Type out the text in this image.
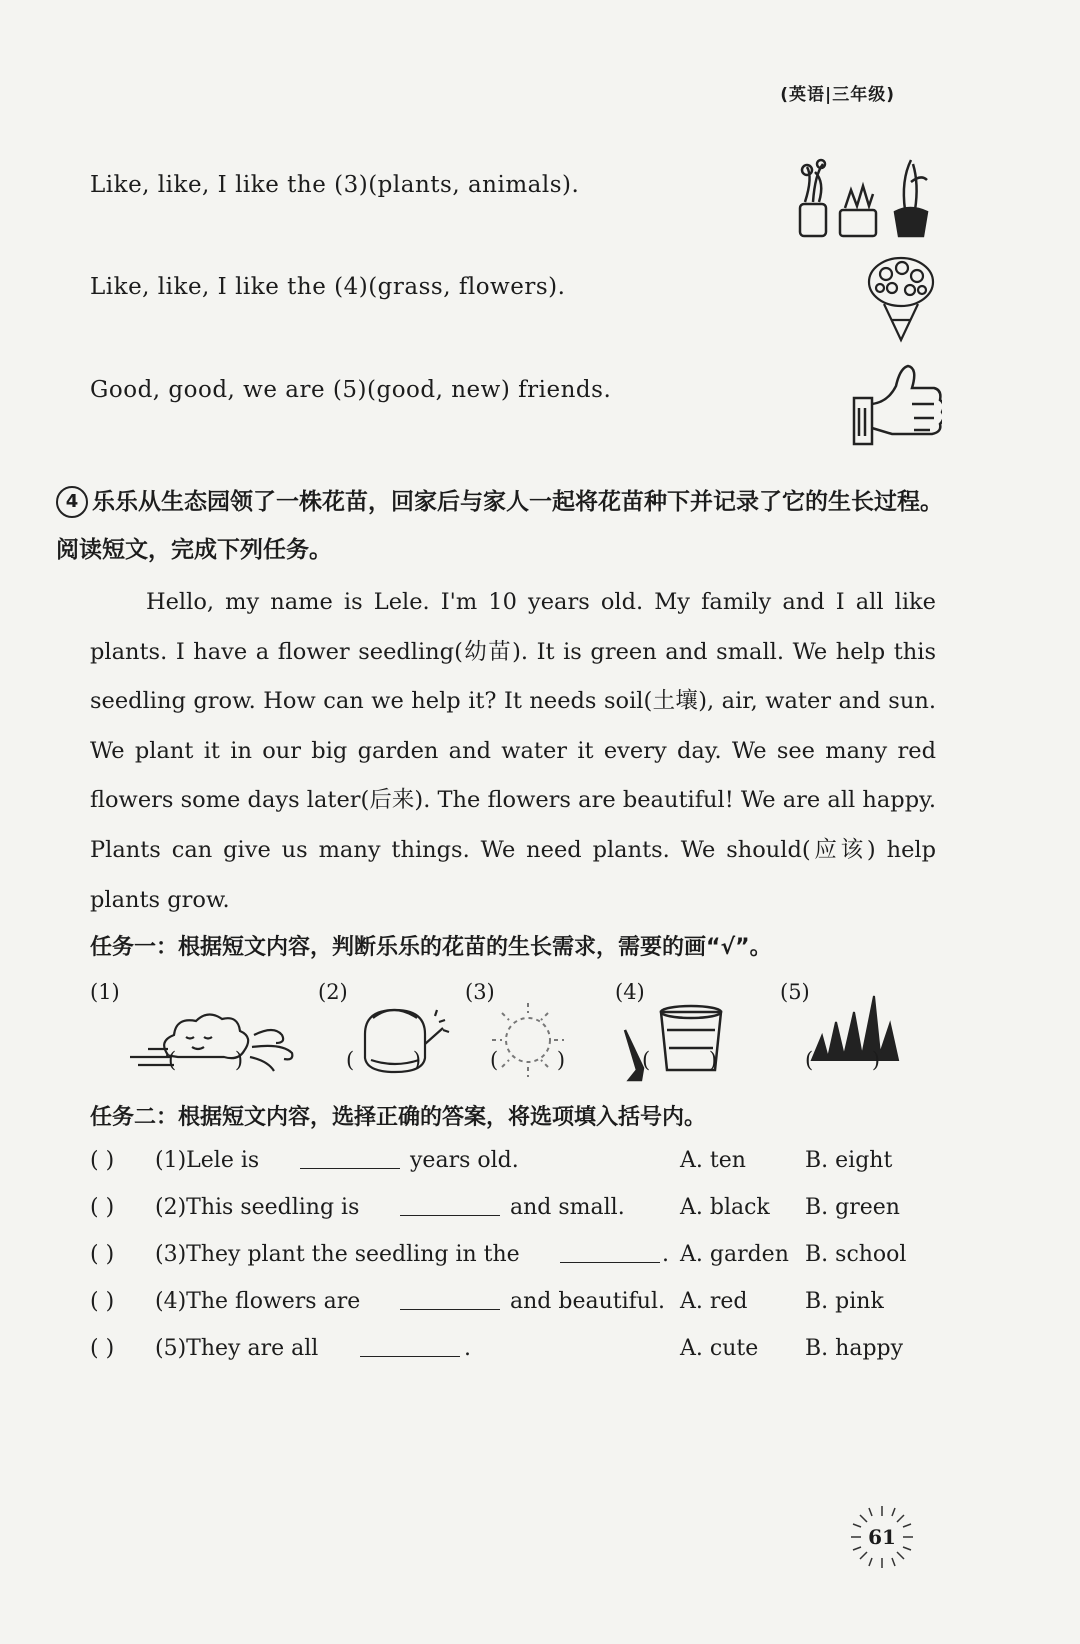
(英语|三年级)
Like, like, I like the (3)(plants, animals).
Like, like, I like the (4)(grass, flowers).
Good, good, we are (5)(good, new) friends.
4 乐乐从生态园领了一株花苗，回家后与家人一起将花苗种下并记录了它的生长过程。阅读短文，完成下列任务。

Hello, my name is Lele. I'm 10 years old. My family and I all like plants. I have a flower seedling(幼苗). It is green and small. We help this seedling grow. How can we help it? It needs soil(土壤), air, water and sun. We plant it in our big garden and water it every day. We see many red flowers some days later(后来). The flowers are beautiful! We are all happy. Plants can give us many things. We need plants. We should(应该) help plants grow.

任务一：根据短文内容，判断乐乐的花苗的生长需求，需要的画“√”。
(1)	(2)	(3)	(4)	(5)
( )	( ) ( ) ( )	( )
任务二：根据短文内容，选择正确的答案，将选项填入括号内。
( ) (1)Lele is	years old.	A. ten	B. eight
( ) (2)This seedling is	and small.	A. black B. green
( ) (3)They plant the seedling in the	. A. garden B. school
( ) (4)The flowers are	and beautiful. A. red	B. pink
( ) (5)They are all	.	A. cute B. happy
61
